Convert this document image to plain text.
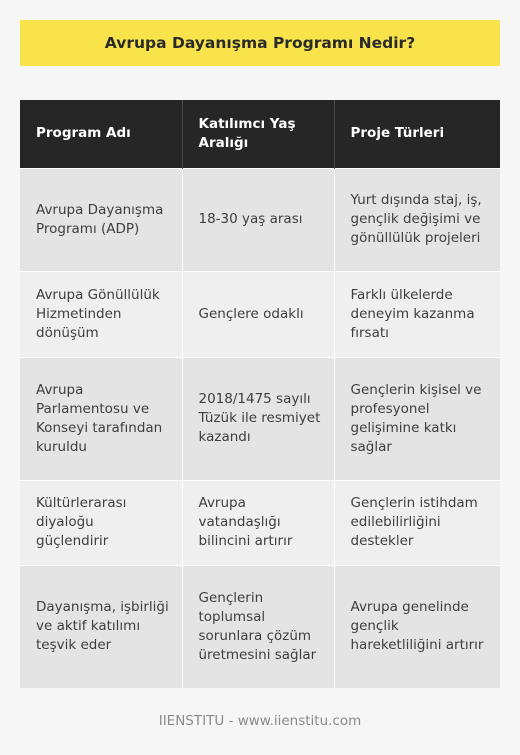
Avrupa Dayanışma Programı Nedir?
Program Adı	Katılımcı Yaş Aralığı	Proje Türleri
Avrupa Dayanışma Programı (ADP)	18-30 yaş arası	Yurt dışında staj, iş, gençlik değişimi ve gönüllülük projeleri
Avrupa Gönüllülük Hizmetinden dönüşüm	Gençlere odaklı	Farklı ülkelerde deneyim kazanma fırsatı
Avrupa Parlamentosu ve Konseyi tarafından kuruldu	2018/1475 sayılı Tüzük ile resmiyet kazandı	Gençlerin kişisel ve profesyonel gelişimine katkı sağlar
Kültürlerarası diyaloğu güçlendirir	Avrupa vatandaşlığı bilincini artırır	Gençlerin istihdam edilebilirliğini destekler
Dayanışma, işbirliği ve aktif katılımı teşvik eder	Gençlerin toplumsal sorunlara çözüm üretmesini sağlar	Avrupa genelinde gençlik hareketliliğini artırır
IIENSTITU - www.iienstitu.com
